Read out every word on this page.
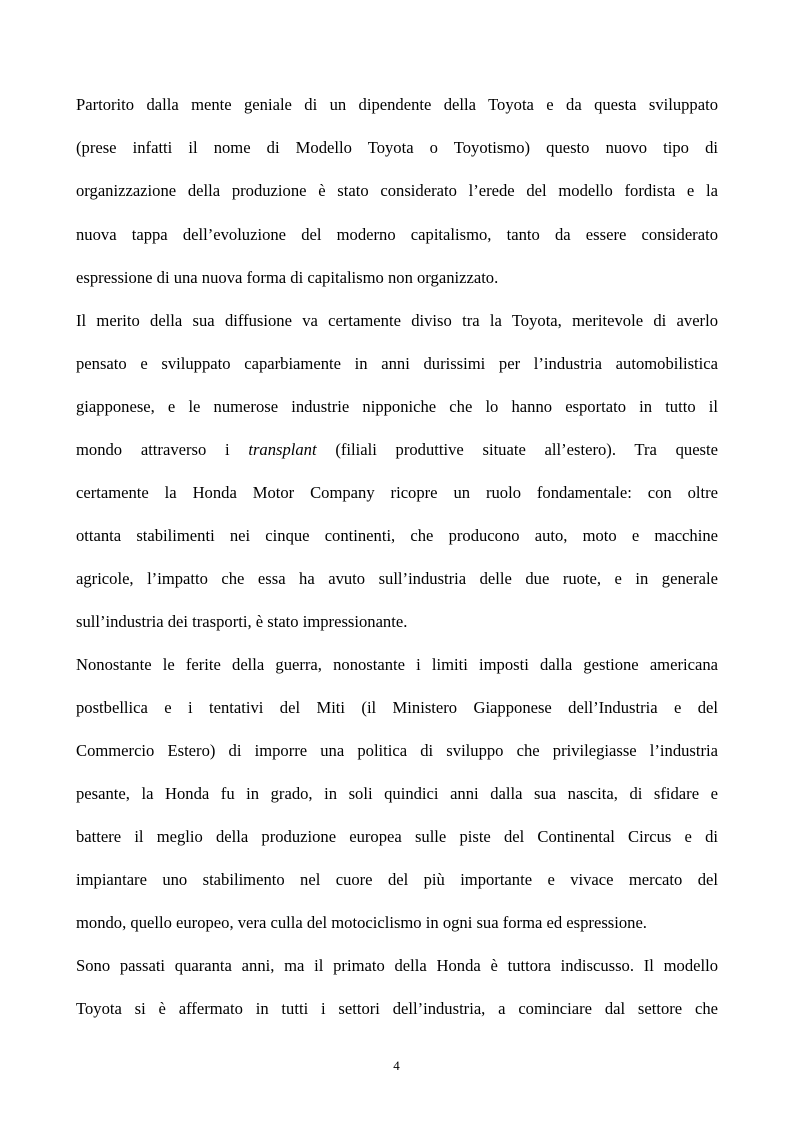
Partorito dalla mente geniale di un dipendente della Toyota e da questa sviluppato
(prese infatti il nome di Modello Toyota o Toyotismo) questo nuovo tipo di
organizzazione della produzione è stato considerato l’erede del modello fordista e la
nuova tappa dell’evoluzione del moderno capitalismo, tanto da essere considerato
espressione di una nuova forma di capitalismo non organizzato.
Il merito della sua diffusione va certamente diviso tra la Toyota, meritevole di averlo
pensato e sviluppato caparbiamente in anni durissimi per l’industria automobilistica
giapponese, e le numerose industrie nipponiche che lo hanno esportato in tutto il
mondo attraverso i transplant (filiali produttive situate all’estero). Tra queste
certamente la Honda Motor Company ricopre un ruolo fondamentale: con oltre
ottanta stabilimenti nei cinque continenti, che producono auto, moto e macchine
agricole, l’impatto che essa ha avuto sull’industria delle due ruote, e in generale
sull’industria dei trasporti, è stato impressionante.
Nonostante le ferite della guerra, nonostante i limiti imposti dalla gestione americana
postbellica e i tentativi del Miti (il Ministero Giapponese dell’Industria e del
Commercio Estero) di imporre una politica di sviluppo che privilegiasse l’industria
pesante, la Honda fu in grado, in soli quindici anni dalla sua nascita, di sfidare e
battere il meglio della produzione europea sulle piste del Continental Circus e di
impiantare uno stabilimento nel cuore del più importante e vivace mercato del
mondo, quello europeo, vera culla del motociclismo in ogni sua forma ed espressione.
Sono passati quaranta anni, ma il primato della Honda è tuttora indiscusso. Il modello
Toyota si è affermato in tutti i settori dell’industria, a cominciare dal settore che
4
